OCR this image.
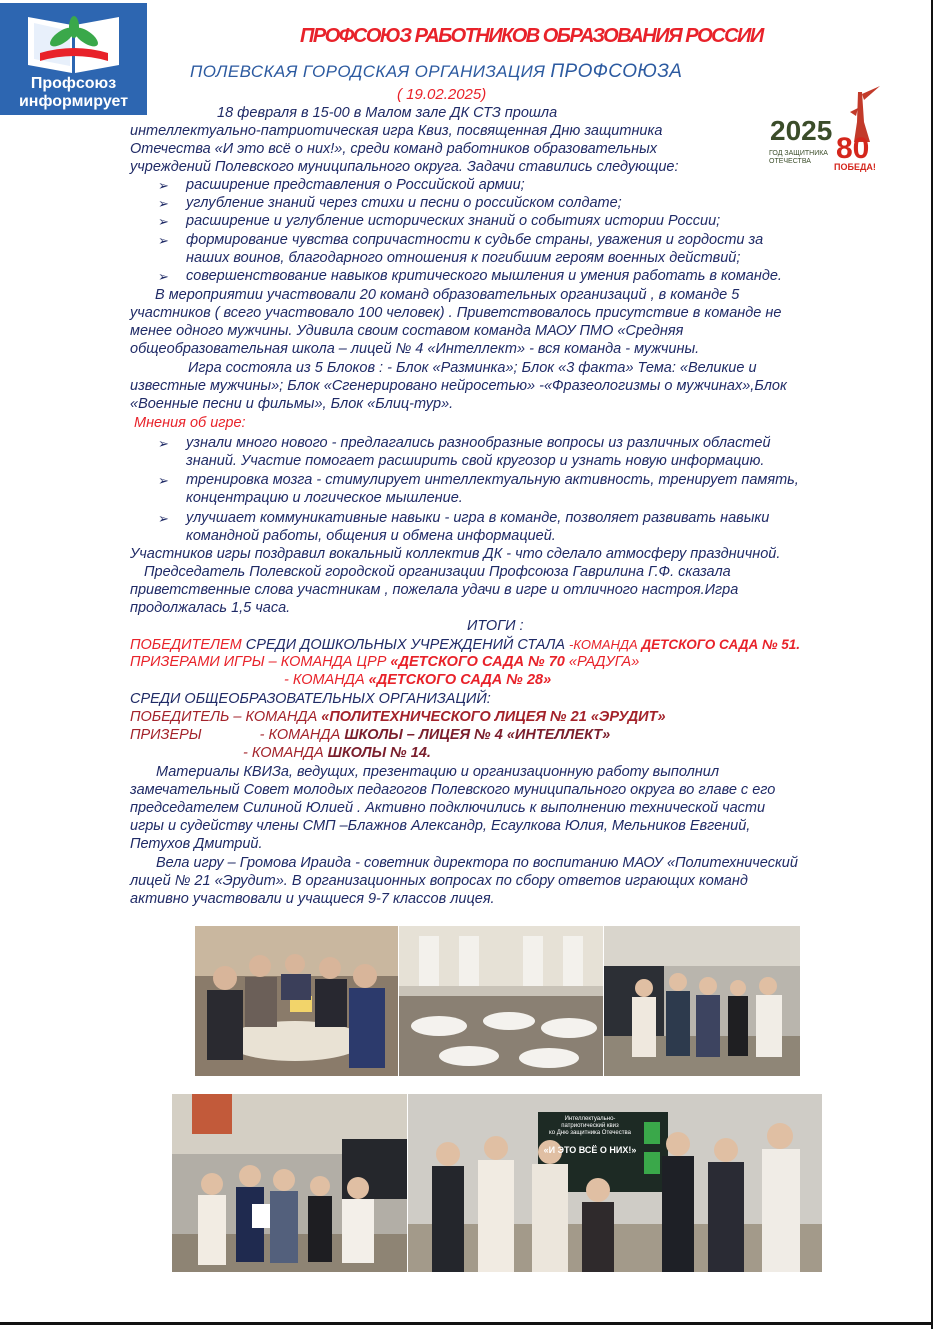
Профсоюз
информирует
2025
ГОД ЗАЩИТНИКА ОТЕЧЕСТВА 80
ПОБЕДА!
ПРОФСОЮЗ РАБОТНИКОВ ОБРАЗОВАНИЯ РОССИИ
ПОЛЕВСКАЯ ГОРОДСКАЯ ОРГАНИЗАЦИЯ ПРОФСОЮЗА
( 19.02.2025)

18 февраля в 15-00 в Малом зале ДК СТЗ прошла

интеллектуально-патриотическая игра Квиз, посвященная Дню защитника

Отечества «И это всё о них!», среди команд работников образовательных

учреждений Полевского муниципального округа. Задачи ставились следующие:

➢ расширение представления о Российской армии;

➢ углубление знаний через стихи и песни о российском солдате;

➢ расширение и углубление исторических знаний о событиях истории России;

➢ формирование чувства сопричастности к судьбе страны, уважения и гордости за

наших воинов, благодарного отношения к погибшим героям военных действий;

➢ совершенствование навыков критического мышления и умения работать в команде.

В мероприятии участвовали 20 команд образовательных организаций , в команде 5

участников ( всего участвовало 100 человек) . Приветствовалось присутствие в команде не

менее одного мужчины. Удивила своим составом команда МАОУ ПМО «Средняя

общеобразовательная школа – лицей № 4 «Интеллект» - вся команда - мужчины.

Игра состояла из 5 Блоков : - Блок «Разминка»; Блок «3 факта» Тема: «Великие и

известные мужчины»; Блок «Сгенерировано нейросетью» -«Фразеологизмы о мужчинах»,Блок

«Военные песни и фильмы», Блок «Блиц-тур».

Мнения об игре:

➢ узнали много нового - предлагались разнообразные вопросы из различных областей

знаний. Участие помогает расширить свой кругозор и узнать новую информацию.

➢ тренировка мозга - стимулирует интеллектуальную активность, тренирует память,

концентрацию и логическое мышление.

➢ улучшает коммуникативные навыки - игра в команде, позволяет развивать навыки

командной работы, общения и обмена информацией.

Участников игры поздравил вокальный коллектив ДК - что сделало атмосферу праздничной.

Председатель Полевской городской организации Профсоюза Гаврилина Г.Ф. сказала

приветственные слова участникам , пожелала удачи в игре и отличного настроя.Игра

продолжалась 1,5 часа.

ИТОГИ :

ПОБЕДИТЕЛЕМ СРЕДИ ДОШКОЛЬНЫХ УЧРЕЖДЕНИЙ СТАЛА -КОМАНДА ДЕТСКОГО САДА № 51.

ПРИЗЕРАМИ ИГРЫ – КОМАНДА ЦРР «ДЕТСКОГО САДА № 70 «РАДУГА»

- КОМАНДА «ДЕТСКОГО САДА № 28»

СРЕДИ ОБЩЕОБРАЗОВАТЕЛЬНЫХ ОРГАНИЗАЦИЙ:

ПОБЕДИТЕЛЬ – КОМАНДА «ПОЛИТЕХНИЧЕСКОГО ЛИЦЕЯ № 21 «ЭРУДИТ»

ПРИЗЕРЫ	- КОМАНДА ШКОЛЫ – ЛИЦЕЯ № 4 «ИНТЕЛЛЕКТ»

- КОМАНДА ШКОЛЫ № 14.

Материалы КВИЗа, ведущих, презентацию и организационную работу выполнил

замечательный Совет молодых педагогов Полевского муниципального округа во главе с его

председателем Силиной Юлией . Активно подключились к выполнению технической части

игры и судейству члены СМП –Блажнов Александр, Есаулкова Юлия, Мельников Евгений,

Петухов Дмитрий.

Вела игру – Громова Ираида - советник директора по воспитанию МАОУ «Политехнический

лицей № 21 «Эрудит». В организационных вопросах по сбору ответов играющих команд

активно участвовали и учащиеся 9-7 классов лицея.

Интеллектуально-
патриотический квиз
ко Дню защитника Отечества
«И ЭТО ВСЁ О НИХ!»
